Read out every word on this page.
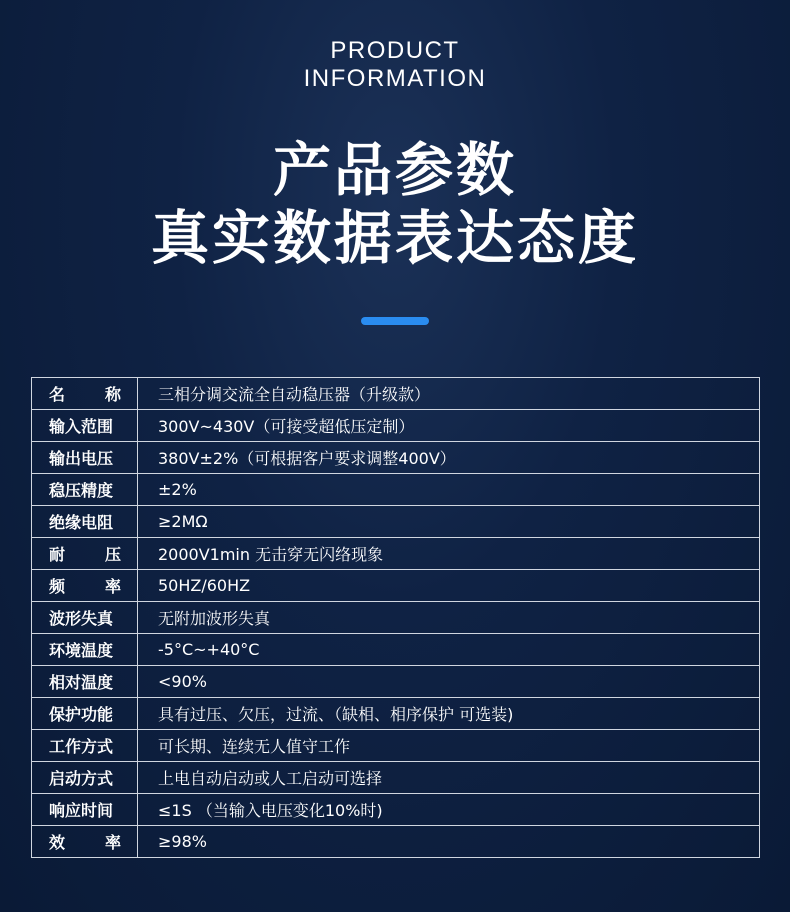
PRODUCT
INFORMATION
产品参数
真实数据表达态度
名 称	三相分调交流全自动稳压器（升级款）

输入范围	300V~430V（可接受超低压定制）

输出电压	380V±2%（可根据客户要求调整400V）

稳压精度	±2%

绝缘电阻	≥2MΩ

耐 压	2000V1min 无击穿无闪络现象

频 率	50HZ/60HZ

波形失真	无附加波形失真

环境温度	-5°C~+40°C

相对温度	<90%

保护功能	具有过压、欠压，过流、（缺相、相序保护 可选装)

工作方式	可长期、连续无人值守工作

启动方式	上电自动启动或人工启动可选择

响应时间	≤1S （当输入电压变化10%时)

效 率	≥98%
